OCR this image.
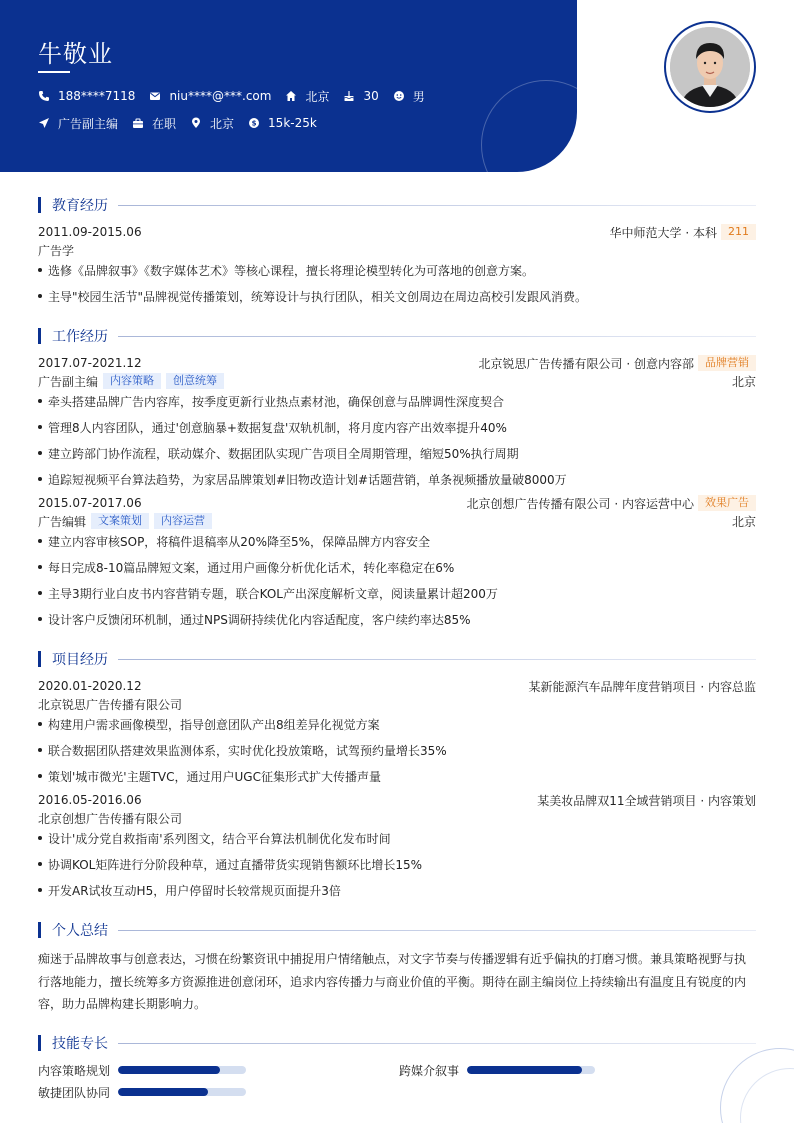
牛敬业
188****7118	niu****@***.com	北京	30	男
广告副主编	在职	北京	$ 15k-25k
教育经历
2011.09-2015.06	华中师范大学 · 本科	211
广告学
选修《品牌叙事》《数字媒体艺术》等核心课程，擅长将理论模型转化为可落地的创意方案。
主导"校园生活节"品牌视觉传播策划，统筹设计与执行团队，相关文创周边在周边高校引发跟风消费。
工作经历
2017.07-2021.12	北京锐思广告传播有限公司 · 创意内容部	品牌营销
广告副主编	内容策略	创意统筹	北京
牵头搭建品牌广告内容库，按季度更新行业热点素材池，确保创意与品牌调性深度契合
管理8人内容团队，通过'创意脑暴+数据复盘'双轨机制，将月度内容产出效率提升40%
建立跨部门协作流程，联动媒介、数据团队实现广告项目全周期管理，缩短50%执行周期
追踪短视频平台算法趋势，为家居品牌策划#旧物改造计划#话题营销，单条视频播放量破8000万
2015.07-2017.06	北京创想广告传播有限公司 · 内容运营中心	效果广告
广告编辑	文案策划	内容运营	北京
建立内容审核SOP，将稿件退稿率从20%降至5%，保障品牌方内容安全
每日完成8-10篇品牌短文案，通过用户画像分析优化话术，转化率稳定在6%
主导3期行业白皮书内容营销专题，联合KOL产出深度解析文章，阅读量累计超200万
设计客户反馈闭环机制，通过NPS调研持续优化内容适配度，客户续约率达85%
项目经历
2020.01-2020.12	某新能源汽车品牌年度营销项目 · 内容总监
北京锐思广告传播有限公司
构建用户需求画像模型，指导创意团队产出8组差异化视觉方案
联合数据团队搭建效果监测体系，实时优化投放策略，试驾预约量增长35%
策划'城市微光'主题TVC，通过用户UGC征集形式扩大传播声量
2016.05-2016.06	某美妆品牌双11全域营销项目 · 内容策划
北京创想广告传播有限公司
设计'成分党自救指南'系列图文，结合平台算法机制优化发布时间
协调KOL矩阵进行分阶段种草，通过直播带货实现销售额环比增长15%
开发AR试妆互动H5，用户停留时长较常规页面提升3倍
个人总结
痴迷于品牌故事与创意表达，习惯在纷繁资讯中捕捉用户情绪触点，对文字节奏与传播逻辑有近乎偏执的打磨习惯。兼具策略视野与执行落地能力，擅长统筹多方资源推进创意闭环，追求内容传播力与商业价值的平衡。期待在副主编岗位上持续输出有温度且有锐度的内容，助力品牌构建长期影响力。
技能专长
内容策略规划	跨媒介叙事
敏捷团队协同
